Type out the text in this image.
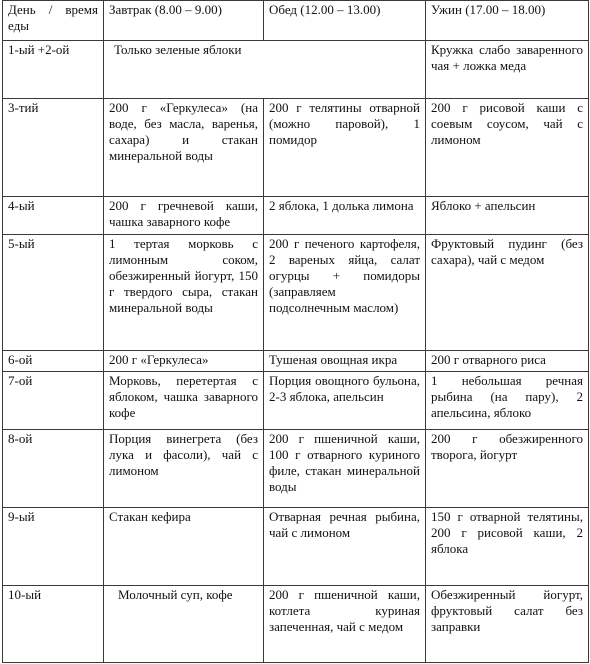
День / время еды	Завтрак (8.00 – 9.00)	Обед (12.00 – 13.00)	Ужин (17.00 – 18.00)
1-ый +2-ой	Только зеленые яблоки		Кружка слабо заваренного чая + ложка меда
3-тий	200 г «Геркулеса» (на воде, без масла, варенья, сахара) и стакан минеральной воды	200 г телятины отварной (можно паровой), 1 помидор	200 г рисовой каши с соевым соусом, чай с лимоном
4-ый	200 г гречневой каши, чашка заварного кофе	2 яблока, 1 долька лимона	Яблоко + апельсин
5-ый	1 тертая морковь с лимонным соком, обезжиренный йогурт, 150 г твердого сыра, стакан минеральной воды	200 г печеного картофеля, 2 вареных яйца, салат огурцы + помидоры (заправляем подсолнечным маслом)	Фруктовый пудинг (без сахара), чай с медом
6-ой	200 г «Геркулеса»	Тушеная овощная икра	200 г отварного риса
7-ой	Морковь, перетертая с яблоком, чашка заварного кофе	Порция овощного бульона, 2-3 яблока, апельсин	1 небольшая речная рыбина (на пару), 2 апельсина, яблоко
8-ой	Порция винегрета (без лука и фасоли), чай с лимоном	200 г пшеничной каши, 100 г отварного куриного филе, стакан минеральной воды	200 г обезжиренного творога, йогурт
9-ый	Стакан кефира	Отварная речная рыбина, чай с лимоном	150 г отварной телятины, 200 г рисовой каши, 2 яблока
10-ый	Молочный суп, кофе	200 г пшеничной каши, котлета куриная запеченная, чай с медом	Обезжиренный йогурт, фруктовый салат без заправки
